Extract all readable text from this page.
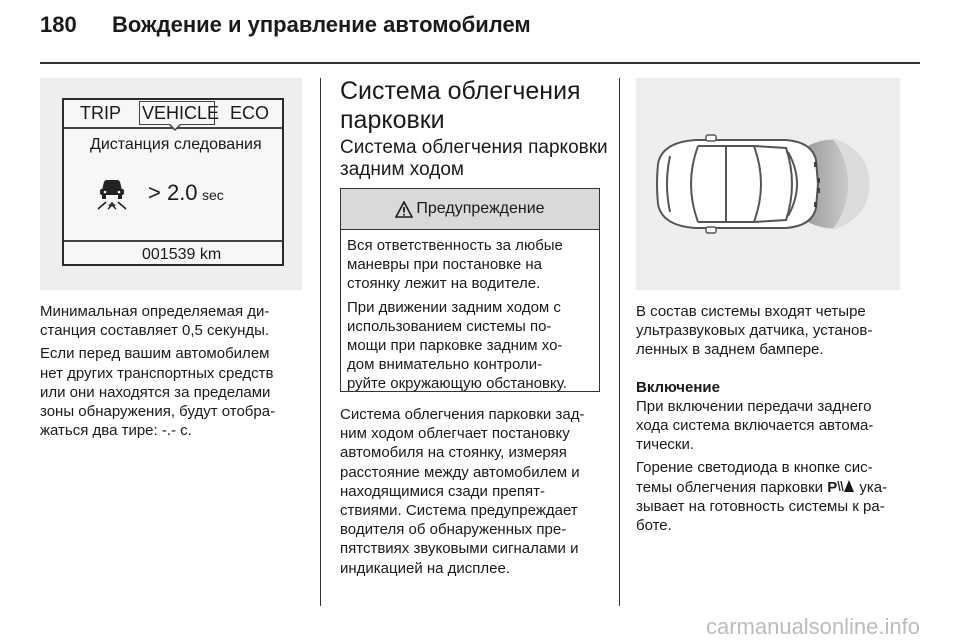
180 Вождение и управление автомобилем
TRIP VEHICLE ECO
Дистанция следования
> 2.0 sec
001539 km

Минимальная определяемая ди-
станция составляет 0,5 секунды.

Если перед вашим автомобилем
нет других транспортных средств
или они находятся за пределами
зоны обнаружения, будут отобра-
жаться два тире: -.- с.

Система облегчения
парковки
Система облегчения парковки
задним ходом
Предупреждение

Вся ответственность за любые
маневры при постановке на
стоянку лежит на водителе.

При движении задним ходом с
использованием системы по-
мощи при парковке задним хо-
дом внимательно контроли-
руйте окружающую обстановку.

Система облегчения парковки зад-
ним ходом облегчает постановку
автомобиля на стоянку, измеряя
расстояние между автомобилем и
находящимися сзади препят-
ствиями. Система предупреждает
водителя об обнаруженных пре-
пятствиях звуковыми сигналами и
индикацией на дисплее.

В состав системы входят четыре
ультразвуковых датчика, установ-
ленных в заднем бампере.

Включение

При включении передачи заднего
хода система включается автома-
тически.

Горение светодиода в кнопке сис-
темы облегчения парковки P ука-
зывает на готовность системы к ра-
боте.

carmanualsonline.info
